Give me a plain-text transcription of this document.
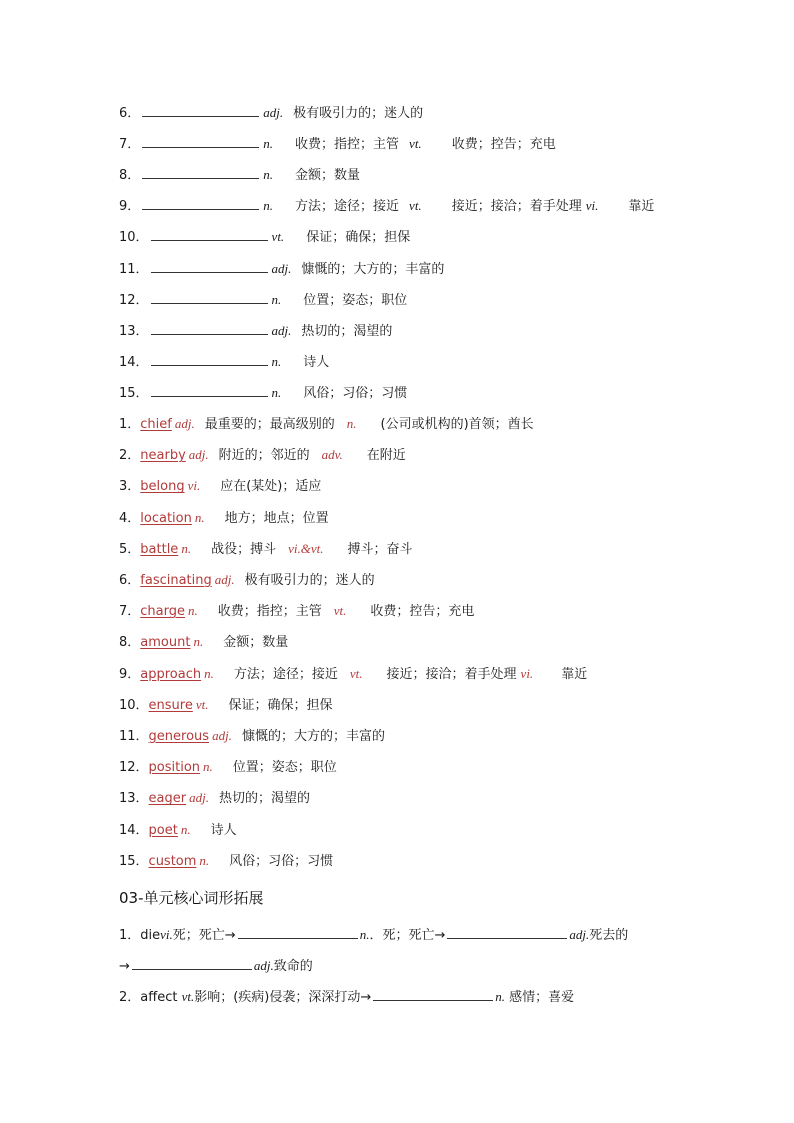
6．	adj. 极有吸引力的；迷人的
7．	n. 收费；指控；主管 vt. 收费；控告；充电
8．	n. 金额；数量
9．	n. 方法；途径；接近 vt. 接近；接洽；着手处理 vi. 靠近
10．	vt. 保证；确保；担保
11．	adj. 慷慨的；大方的；丰富的
12．	n. 位置；姿态；职位
13．	adj. 热切的；渴望的
14．	n. 诗人
15．	n. 风俗；习俗；习惯
1．chief adj. 最重要的；最高级别的 n. (公司或机构的)首领；酋长
2．nearby adj. 附近的；邻近的 adv. 在附近
3．belong vi. 应在(某处)；适应
4．location n. 地方；地点；位置
5．battle n. 战役；搏斗 vi.&vt. 搏斗；奋斗
6．fascinating adj. 极有吸引力的；迷人的
7．charge n. 收费；指控；主管 vt. 收费；控告；充电
8．amount n. 金额；数量
9．approach n. 方法；途径；接近 vt. 接近；接洽；着手处理 vi. 靠近
10．ensure vt. 保证；确保；担保
11．generous adj. 慷慨的；大方的；丰富的
12．position n. 位置；姿态；职位
13．eager adj. 热切的；渴望的
14．poet n. 诗人
15．custom n. 风俗；习俗；习惯
03-单元核心词形拓展
1．dievi.死；死亡→	n.．死；死亡→	adj.死去的
→	adj.致命的
2．affect vt.影响；(疾病)侵袭；深深打动→	n. 感情；喜爱
